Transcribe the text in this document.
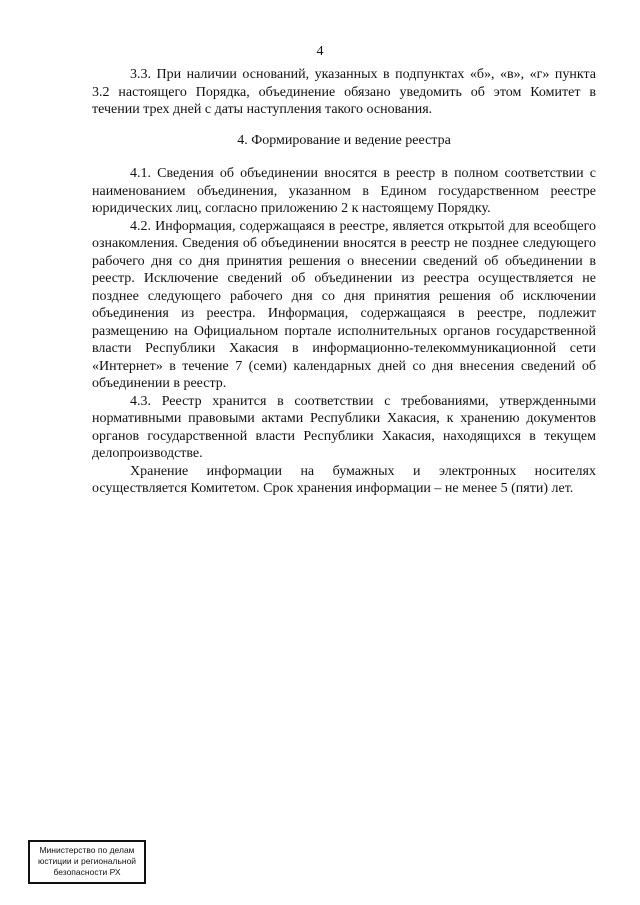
4

3.3. При наличии оснований, указанных в подпунктах «б», «в», «г» пункта 3.2 настоящего Порядка, объединение обязано уведомить об этом Комитет в течении трех дней с даты наступления такого основания.

4. Формирование и ведение реестра

4.1. Сведения об объединении вносятся в реестр в полном соответствии с наименованием объединения, указанном в Едином государственном реестре юридических лиц, согласно приложению 2 к настоящему Порядку.

4.2. Информация, содержащаяся в реестре, является открытой для всеобщего ознакомления. Сведения об объединении вносятся в реестр не позднее следующего рабочего дня со дня принятия решения о внесении сведений об объединении в реестр. Исключение сведений об объединении из реестра осуществляется не позднее следующего рабочего дня со дня принятия решения об исключении объединения из реестра. Информация, содержащаяся в реестре, подлежит размещению на Официальном портале исполнительных органов государственной власти Республики Хакасия в информационно-телекоммуникационной сети «Интернет» в течение 7 (семи) календарных дней со дня внесения сведений об объединении в реестр.

4.3. Реестр хранится в соответствии с требованиями, утвержденными нормативными правовыми актами Республики Хакасия, к хранению документов органов государственной власти Республики Хакасия, находящихся в текущем делопроизводстве.

Хранение информации на бумажных и электронных носителях осуществляется Комитетом. Срок хранения информации – не менее 5 (пяти) лет.

Министерство по делам
юстиции и региональной
безопасности РХ
